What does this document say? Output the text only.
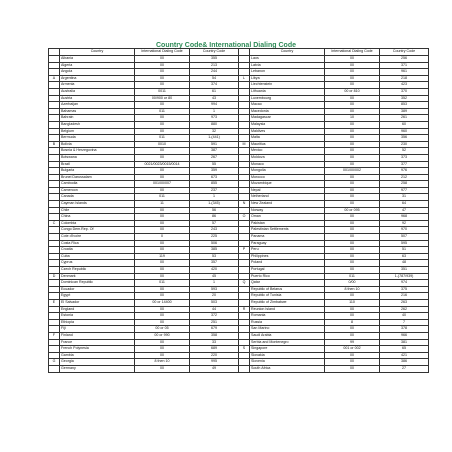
Country Code& International Dialing Code
	Country	International Dialing Code	Country Code		Country	International Dialing Code	Country Code
	Albania	00	355		Laos	00	256
	Algeria	00	213		Latvia	00	371
	Angola	00	244		Lebanon	00	961
A	Argentina	00	54	L	Libya	00	218
	Armenia	00	374		Liechtenstein	00	423
	Australia	0011	61		Lithuania	00 or 810	370
	Austria	00/900 or 80	43		Luxembourg	00	352
	Azerbaijan	00	994		Macao	00	853
	Bahamas	011	1		Macedonia	00	389
	Bahrain	00	973		Madagascar	10	261
	Bangladesh	00	880		Malaysia	00	60
	Belgium	00	32		Maldives	00	960
	Bermuda	011	1-(441)		Malta	00	356
B	Bolivia	0010	591	M	Mauritius	00	230
	Bosnia & Herzegovina	00	387		Mexico	00	52
	Botswana	00	267		Moldova	00	373
	Brazil	0021/0023/0015/0014	55		Monaco	00	377
	Bulgaria	00	359		Mongolia	001/00/002	976
	Brunei Darussalam	00	673		Morocco	00	212
	Cambodia	001/00/007	855		Mozambique	00	258
	Cameroon	00	237		Nepal	00	977
	Canada	011	1		Netherland	00	31
	Cayman Islands	11	1-(345)	N	New Zealand	00	64
	Chile	00	56		Norway	00 or 095	47
	China	00	86	O	Oman	00	968
C	Colombia	00	57		Pakistan	00	92
	Congo Dem.Rep. Of	00	243		Palestinian Settlements	00	970
	Cote d'Ivoire	0	225		Panama	00	507
	Costa Rica	00	506		Paraguay	00	595
	Croatia	00	385	P	Peru	00	51
	Cuba	119	53		Philippines	00	63
	Cyprus	00	357		Poland	00	48
	Czech Republic	00	420		Portugal	00	351
D	Denmark	00	45		Puerto Rico	011	1-(787/939)
	Dominican Republic	011	1	Q	Qatar	0/00	974
	Ecuador	00	593		Republic of Belarus	8 then 10	375
	Egypt	00	20		Republic of Tunisia	00	216
E	El Salvador	00 or 14400	503		Republic of Zimbabwe	110	263
	England	00	44	R	Reunion Island	00	262
	Estonia	00	372		Romania	00	40
	Ethiopia	00	251		Russia	8	7
	Fiji	00 or 05	679		San Marino	00	378
F	Finland	00 or 990	358		Saudi Arabia	00	966
	France	00	33		Serbia and Montenegro	99	381
	French Polynesia	00	689	S	Singapore	001 or 002	65
	Gambia	00	220		Slovakia	00	421
G	Georgia	8 then 10	995		Slovenia	00	386
	Germany	00	49		South Africa	00	27
